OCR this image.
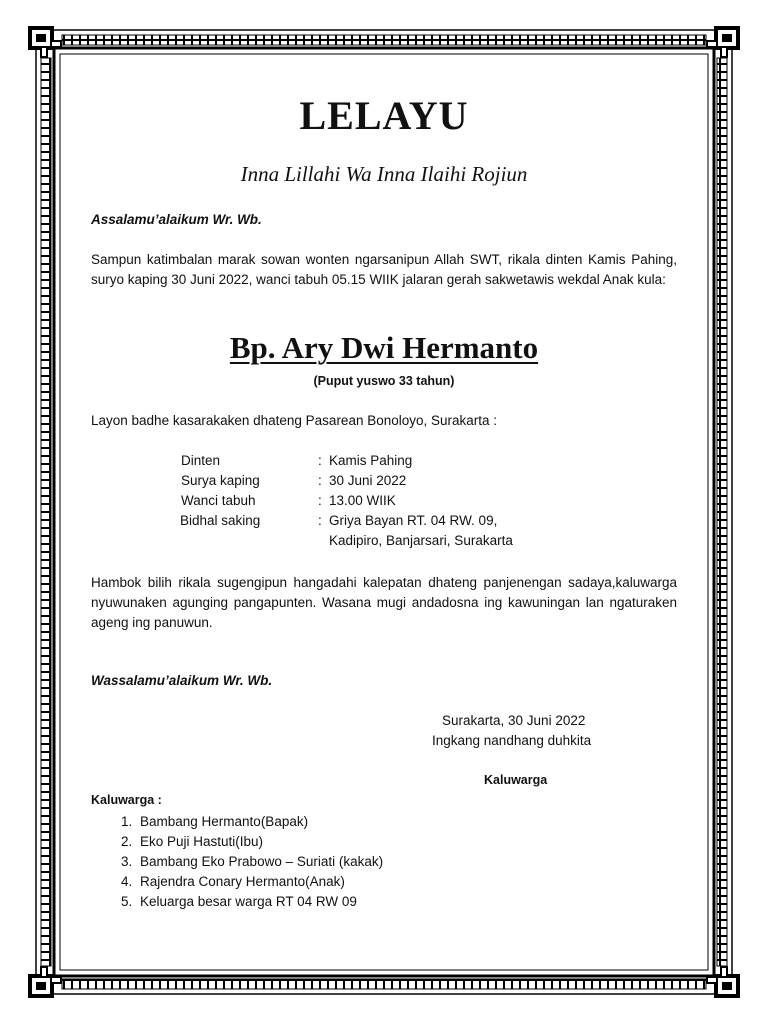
LELAYU
Inna Lillahi Wa Inna Ilaihi Rojiun
Assalamu’alaikum Wr. Wb.
Sampun katimbalan marak sowan wonten ngarsanipun Allah SWT, rikala dinten Kamis Pahing, suryo kaping 30 Juni 2022, wanci tabuh 05.15 WIIK jalaran gerah sakwetawis wekdal Anak kula:
Bp. Ary Dwi Hermanto
(Puput yuswo 33 tahun)
Layon badhe kasarakaken dhateng Pasarean Bonoloyo, Surakarta :
Dinten	: Kamis Pahing
Surya kaping	: 30 Juni 2022
Wanci tabuh	: 13.00 WIIK
Bidhal saking	: Griya Bayan RT. 04 RW. 09,
Kadipiro, Banjarsari, Surakarta
Hambok bilih rikala sugengipun hangadahi kalepatan dhateng panjenengan sadaya,kaluwarga nyuwunaken agunging pangapunten. Wasana mugi andadosna ing kawuningan lan ngaturaken ageng ing panuwun.
Wassalamu’alaikum Wr. Wb.
Surakarta, 30 Juni 2022
Ingkang nandhang duhkita
Kaluwarga
Kaluwarga :
1. Bambang Hermanto(Bapak)
2. Eko Puji Hastuti(Ibu)
3. Bambang Eko Prabowo – Suriati (kakak)
4. Rajendra Conary Hermanto(Anak)
5. Keluarga besar warga RT 04 RW 09
